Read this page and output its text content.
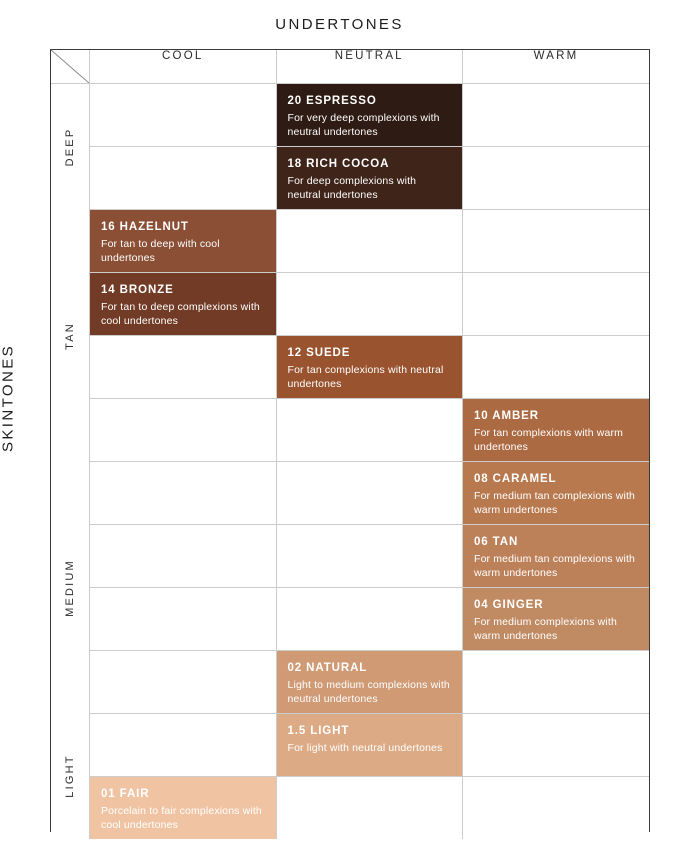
UNDERTONES
SKINTONES
	COOL	NEUTRAL	WARM

DEEP		20 ESPRESSO
For very deep complexions with neutral undertones	

		18 RICH COCOA
For deep complexions with neutral undertones	

TAN	16 HAZELNUT
For tan to deep with cool undertones		

	14 BRONZE
For tan to deep complexions with cool undertones		

		12 SUEDE
For tan complexions with neutral undertones	

			10 AMBER
For tan complexions with warm undertones

MEDIUM			08 CARAMEL
For medium tan complexions with warm undertones

			06 TAN
For medium tan complexions with warm undertones

			04 GINGER
For medium complexions with warm undertones

		02 NATURAL
Light to medium complexions with neutral undertones	

LIGHT		1.5 LIGHT
For light with neutral undertones	

	01 FAIR
Porcelain to fair complexions with cool undertones		
